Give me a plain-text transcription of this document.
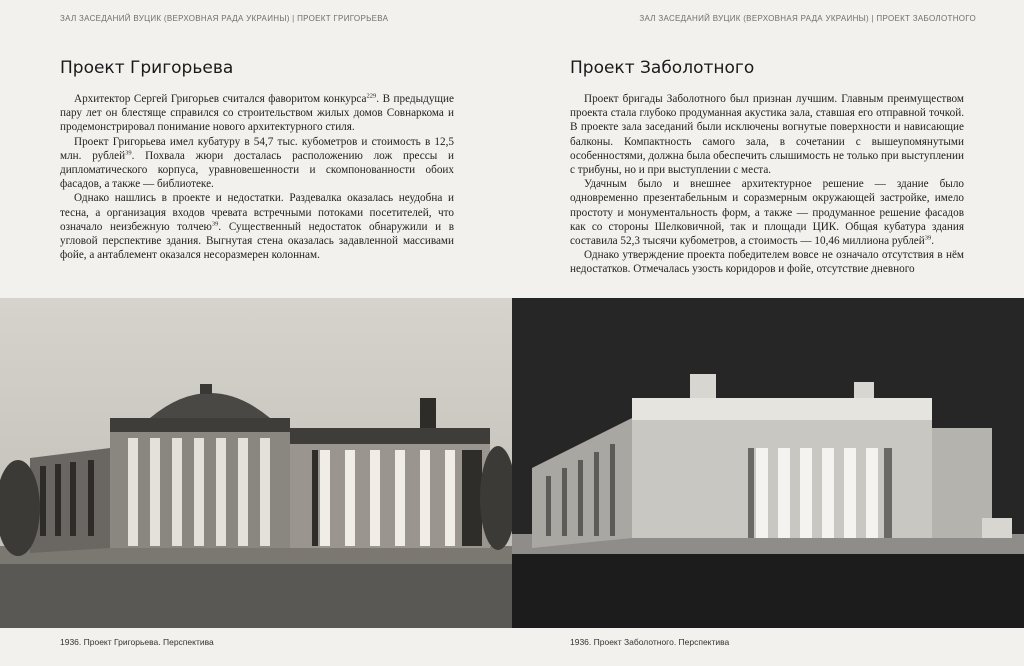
ЗАЛ ЗАСЕДАНИЙ ВУЦИК (ВЕРХОВНАЯ РАДА УКРАИНЫ) | ПРОЕКТ ГРИГОРЬЕВА
Проект Григорьева

Архитектор Сергей Григорьев считался фаворитом конкурса$^{229}$. В предыдущие пару лет он блестяще справился со строительством жилых домов Совнаркома и продемонстрировал понимание нового архитектурного стиля.

Проект Григорьева имел кубатуру в 54,7 тыс. кубометров и стоимость в 12,5 млн. рублей$^{39}$. Похвала жюри досталась расположению лож прессы и дипломатического корпуса, уравновешенности и скомпонованности обоих фасадов, а также — библиотеке.

Однако нашлись в проекте и недостатки. Раздевалка оказалась неудобна и тесна, а организация входов чревата встречными потоками посетителей, что означало неизбежную толчею$^{39}$. Существенный недостаток обнаружили и в угловой перспективе здания. Выгнутая стена оказалась задавленной массивами фойе, а антаблемент оказался несоразмерен колоннам.

1936. Проект Григорьева. Перспектива
ЗАЛ ЗАСЕДАНИЙ ВУЦИК (ВЕРХОВНАЯ РАДА УКРАИНЫ) | ПРОЕКТ ЗАБОЛОТНОГО
Проект Заболотного

Проект бригады Заболотного был признан лучшим. Главным преимуществом проекта стала глубоко продуманная акустика зала, ставшая его отправной точкой. В проекте зала заседаний были исключены вогнутые поверхности и нависающие балконы. Компактность самого зала, в сочетании с вышеупомянутыми особенностями, должна была обеспечить слышимость не только при выступлении с трибуны, но и при выступлении с места.

Удачным было и внешнее архитектурное решение — здание было одновременно презентабельным и соразмерным окружающей застройке, имело простоту и монументальность форм, а также — продуманное решение фасадов как со стороны Шелковичной, так и площади ЦИК. Общая кубатура здания составила 52,3 тысячи кубометров, а стоимость — 10,46 миллиона рублей$^{39}$.

Однако утверждение проекта победителем вовсе не означало отсутствия в нём недостатков. Отмечалась узость коридоров и фойе, отсутствие дневного

1936. Проект Заболотного. Перспектива
